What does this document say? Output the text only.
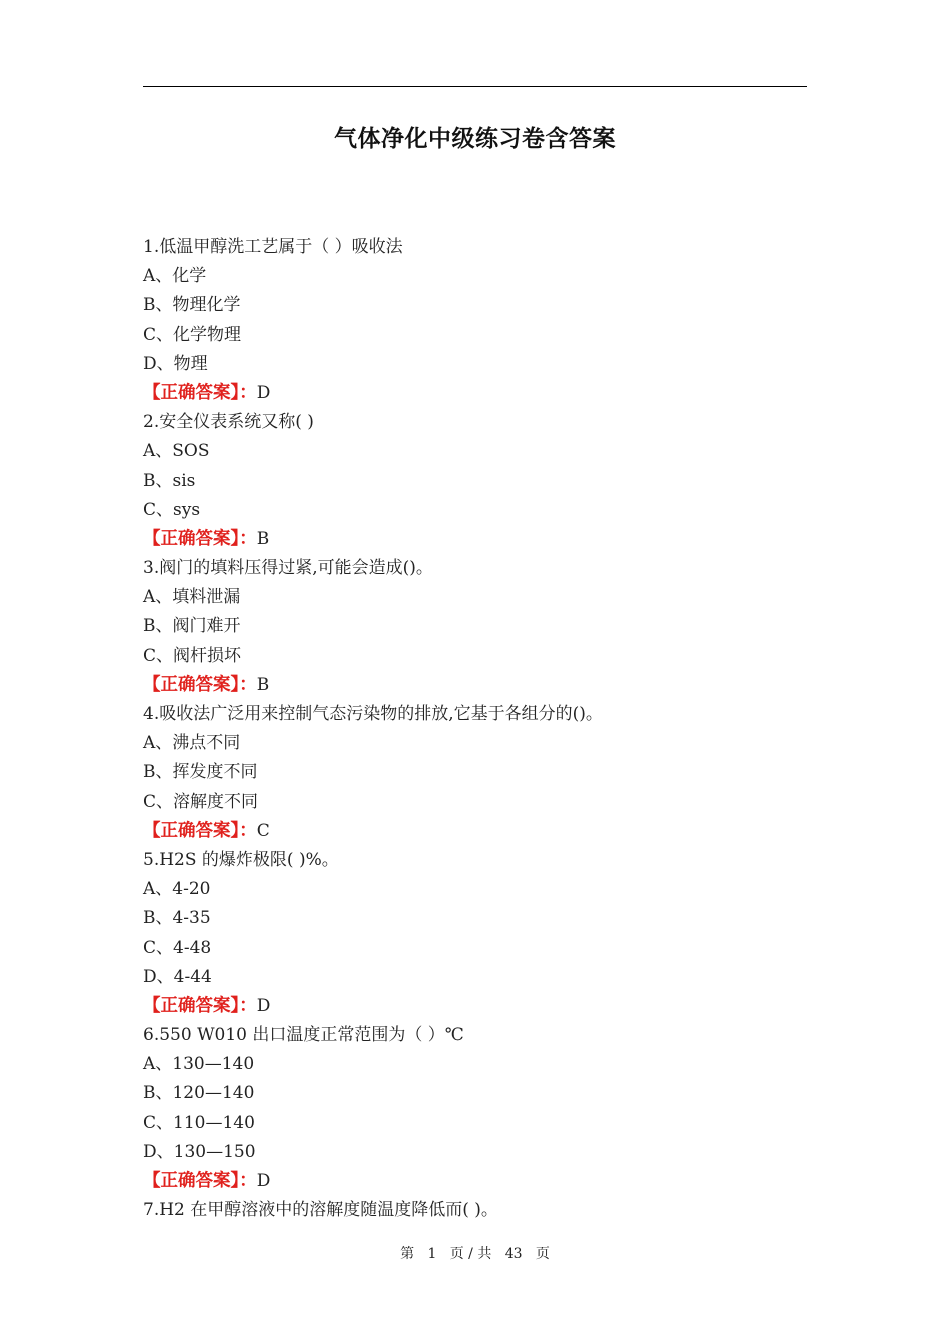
气体净化中级练习卷含答案
1.低温甲醇洗工艺属于（ ）吸收法
A、化学
B、物理化学
C、化学物理
D、物理
【正确答案】：D
2.安全仪表系统又称( )
A、SOS
B、sis
C、sys
【正确答案】：B
3.阀门的填料压得过紧,可能会造成()。
A、填料泄漏
B、阀门难开
C、阀杆损坏
【正确答案】：B
4.吸收法广泛用来控制气态污染物的排放,它基于各组分的()。
A、沸点不同
B、挥发度不同
C、溶解度不同
【正确答案】：C
5.H2S 的爆炸极限( )%。
A、4-20
B、4-35
C、4-48
D、4-44
【正确答案】：D
6.550 W010 出口温度正常范围为（ ）℃
A、130—140
B、120—140
C、110—140
D、130—150
【正确答案】：D
7.H2 在甲醇溶液中的溶解度随温度降低而( )。
第 1 页 / 共 43 页
